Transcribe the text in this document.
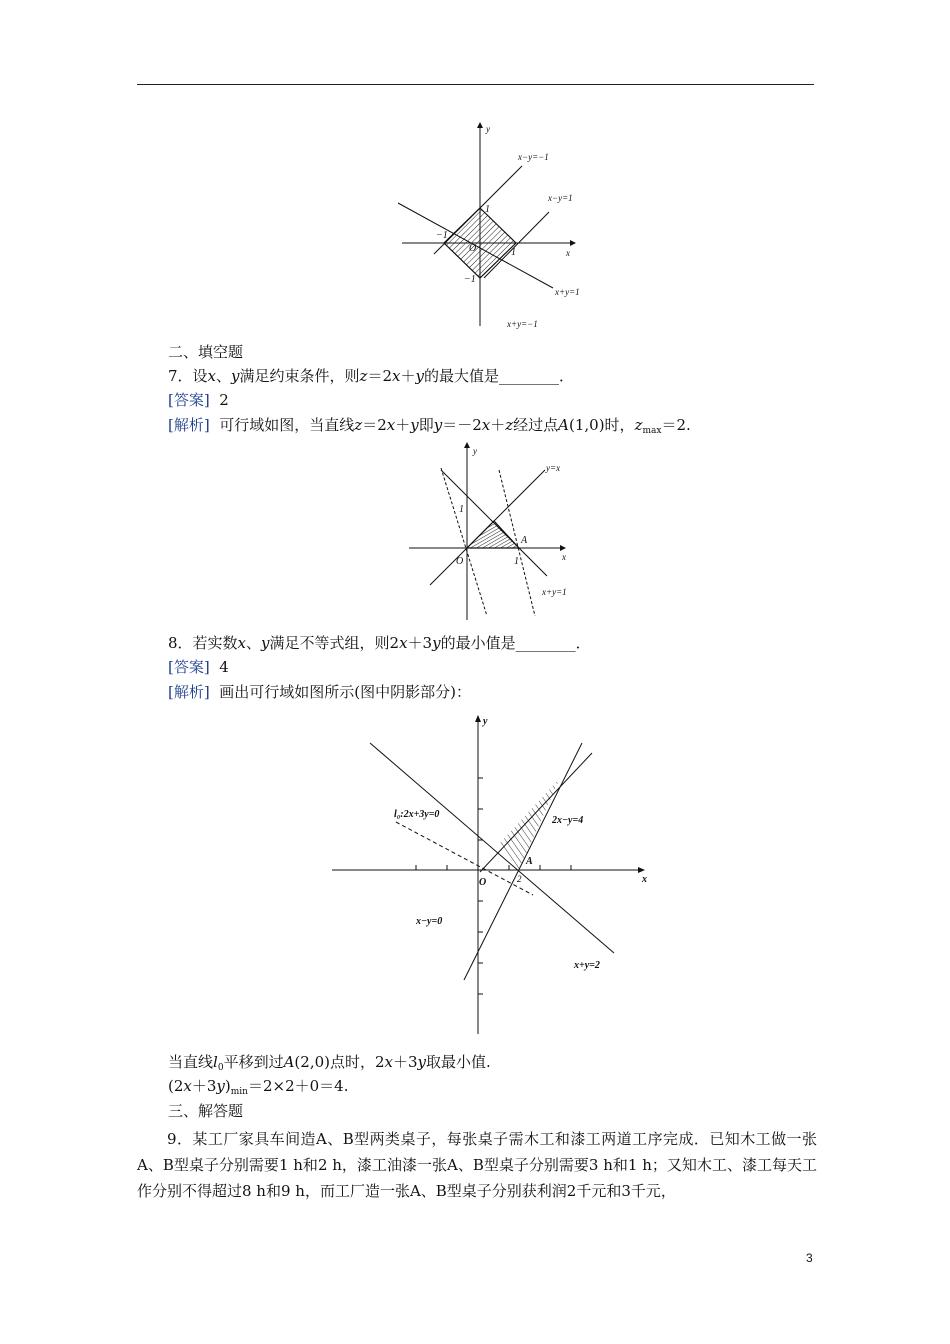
y
x
1
−1
O	1
−1
x−y=−1
x−y=1
x+y=1
x+y=−1
二、填空题
7．设x、y满足约束条件，则z＝2x＋y的最大值是________．
[答案] 2
[解析] 可行域如图，当直线z＝2x＋y即y＝－2x＋z经过点A(1,0)时，$z_{max}=2$.
y
x
1
O	1
A
y=x
x+y=1
8．若实数x、y满足不等式组，则2x＋3y的最小值是________．
[答案] 4
[解析] 画出可行域如图所示(图中阴影部分)：
y
x
O	2
A
l₀:2x+3y=0
2x−y=4
x−y=0
x+y=2
当直线$l_0$平移到过A(2,0)点时，2x＋3y取最小值.
$(2x+3y)_{min}=2\times 2+0=4$.
三、解答题
9．某工厂家具车间造A、B型两类桌子，每张桌子需木工和漆工两道工序完成．已知木工做一张A、B型桌子分别需要1 h和2 h，漆工油漆一张A、B型桌子分别需要3 h和1 h；又知木工、漆工每天工作分别不得超过8 h和9 h，而工厂造一张A、B型桌子分别获利润2千元和3千元，
3
